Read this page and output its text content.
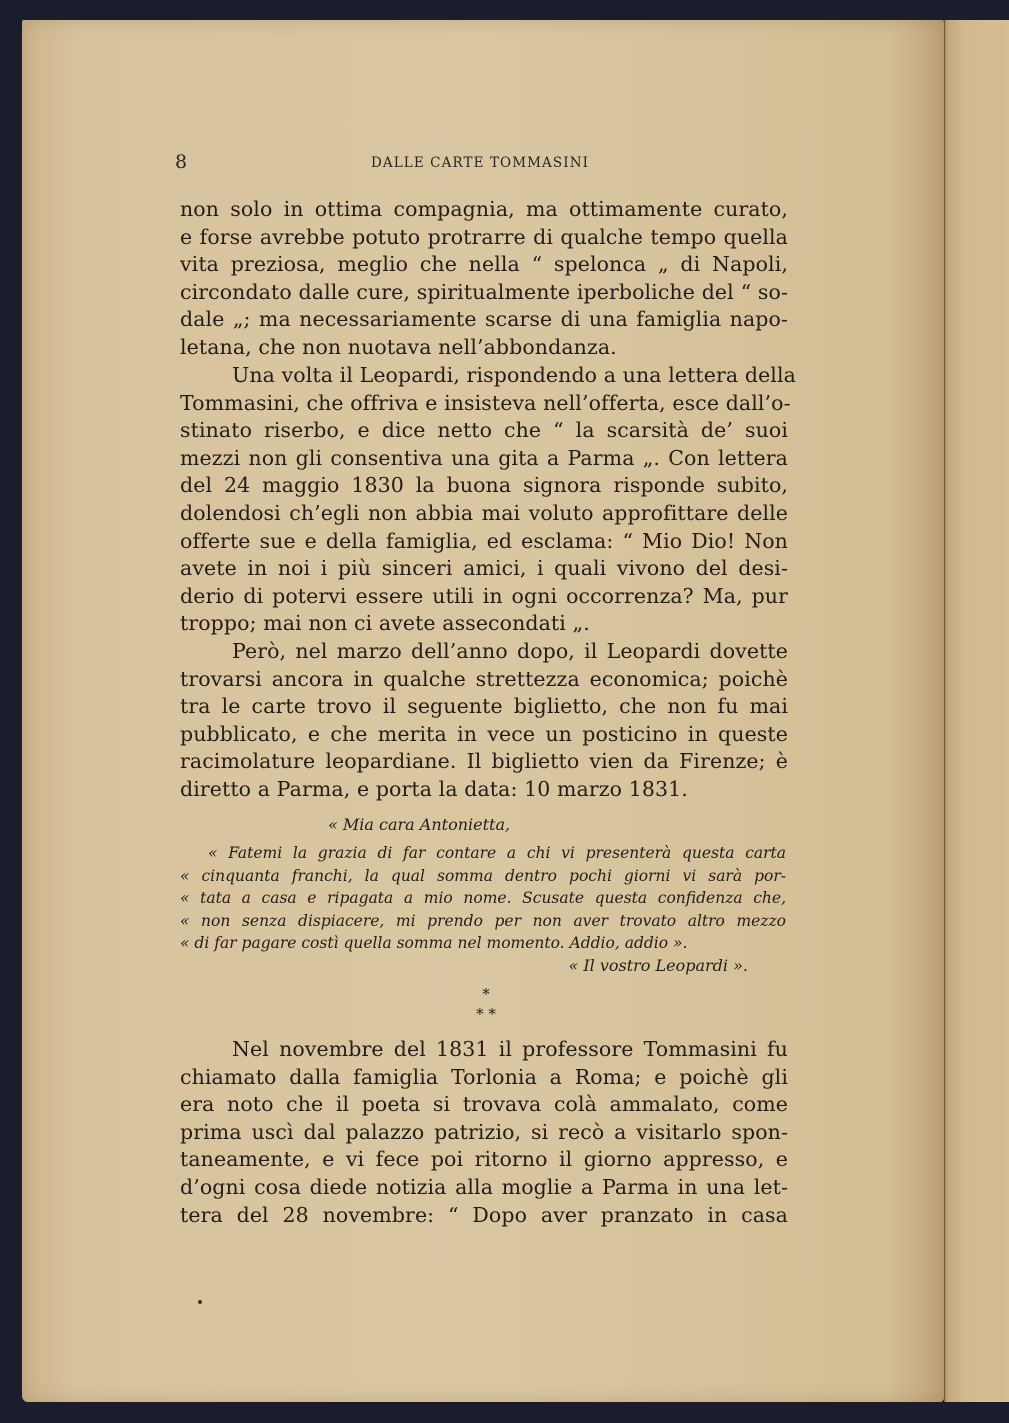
8	DALLE CARTE TOMMASINI

non solo in ottima compagnia, ma ottimamente curato,
e forse avrebbe potuto protrarre di qualche tempo quella
vita preziosa, meglio che nella “ spelonca „ di Napoli,
circondato dalle cure, spiritualmente iperboliche del “ so-
dale „; ma necessariamente scarse di una famiglia napo-
letana, che non nuotava nell’abbondanza.

Una volta il Leopardi, rispondendo a una lettera della
Tommasini, che offriva e insisteva nell’offerta, esce dall’o-
stinato riserbo, e dice netto che “ la scarsità de’ suoi
mezzi non gli consentiva una gita a Parma „. Con lettera
del 24 maggio 1830 la buona signora risponde subito,
dolendosi ch’egli non abbia mai voluto approfittare delle
offerte sue e della famiglia, ed esclama: “ Mio Dio! Non
avete in noi i più sinceri amici, i quali vivono del desi-
derio di potervi essere utili in ogni occorrenza? Ma, pur
troppo; mai non ci avete assecondati „.

Però, nel marzo dell’anno dopo, il Leopardi dovette
trovarsi ancora in qualche strettezza economica; poichè
tra le carte trovo il seguente biglietto, che non fu mai
pubblicato, e che merita in vece un posticino in queste
racimolature leopardiane. Il biglietto vien da Firenze; è
diretto a Parma, e porta la data: 10 marzo 1831.

« Mia cara Antonietta,
« Fatemi la grazia di far contare a chi vi presenterà questa carta
« cinquanta franchi, la qual somma dentro pochi giorni vi sarà por-
« tata a casa e ripagata a mio nome. Scusate questa confidenza che,
« non senza dispiacere, mi prendo per non aver trovato altro mezzo
« di far pagare costì quella somma nel momento. Addio, addio ».
« Il vostro Leopardi ».
*
* *

Nel novembre del 1831 il professore Tommasini fu
chiamato dalla famiglia Torlonia a Roma; e poichè gli
era noto che il poeta si trovava colà ammalato, come
prima uscì dal palazzo patrizio, si recò a visitarlo spon-
taneamente, e vi fece poi ritorno il giorno appresso, e
d’ogni cosa diede notizia alla moglie a Parma in una let-
tera del 28 novembre: “ Dopo aver pranzato in casa
